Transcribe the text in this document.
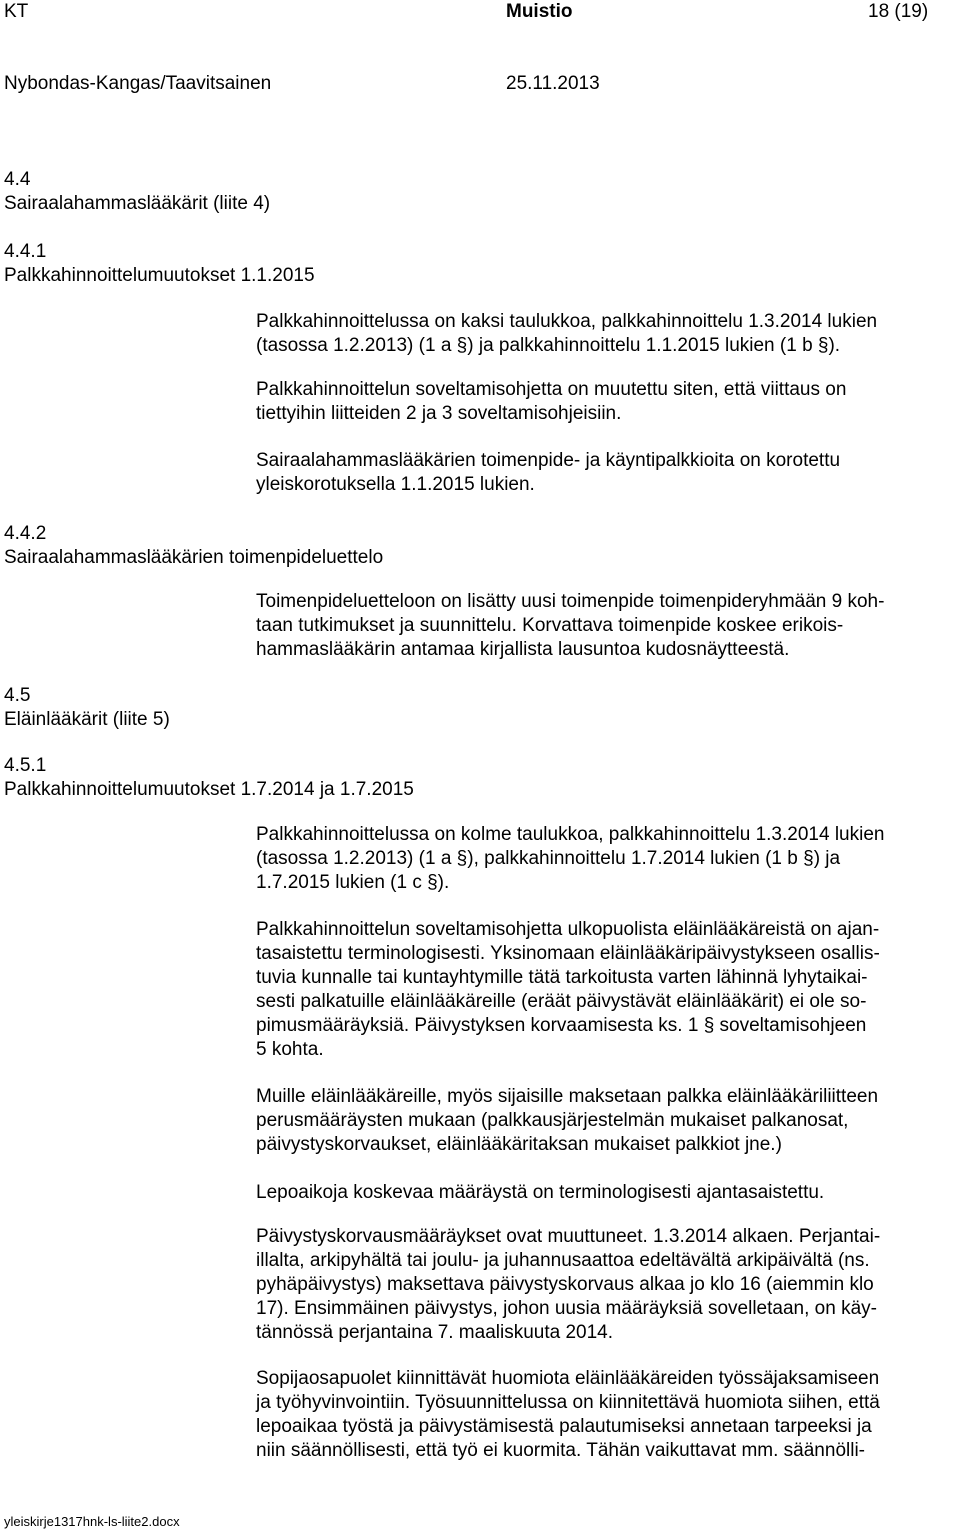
KT	Muistio	18 (19)
Nybondas-Kangas/Taavitsainen	25.11.2013
4.4
Sairaalahammaslääkärit (liite 4)
4.4.1
Palkkahinnoittelumuutokset 1.1.2015
4.4.2
Sairaalahammaslääkärien toimenpideluettelo
4.5
Eläinlääkärit (liite 5)
4.5.1
Palkkahinnoittelumuutokset 1.7.2014 ja 1.7.2015
Palkkahinnoittelussa on kaksi taulukkoa, palkkahinnoittelu 1.3.2014 lukien
(tasossa 1.2.2013) (1 a §) ja palkkahinnoittelu 1.1.2015 lukien (1 b §).
Palkkahinnoittelun soveltamisohjetta on muutettu siten, että viittaus on
tiettyihin liitteiden 2 ja 3 soveltamisohjeisiin.
Sairaalahammaslääkärien toimenpide- ja käyntipalkkioita on korotettu
yleiskorotuksella 1.1.2015 lukien.
Toimenpideluetteloon on lisätty uusi toimenpide toimenpideryhmään 9 koh-
taan tutkimukset ja suunnittelu. Korvattava toimenpide koskee erikois-
hammaslääkärin antamaa kirjallista lausuntoa kudosnäytteestä.
Palkkahinnoittelussa on kolme taulukkoa, palkkahinnoittelu 1.3.2014 lukien
(tasossa 1.2.2013) (1 a §), palkkahinnoittelu 1.7.2014 lukien (1 b §) ja
1.7.2015 lukien (1 c §).
Palkkahinnoittelun soveltamisohjetta ulkopuolista eläinlääkäreistä on ajan-
tasaistettu terminologisesti. Yksinomaan eläinlääkäripäivystykseen osallis-
tuvia kunnalle tai kuntayhtymille tätä tarkoitusta varten lähinnä lyhytaikai-
sesti palkatuille eläinlääkäreille (eräät päivystävät eläinlääkärit) ei ole so-
pimusmääräyksiä. Päivystyksen korvaamisesta ks. 1 § soveltamisohjeen
5 kohta.
Muille eläinlääkäreille, myös sijaisille maksetaan palkka eläinlääkäriliitteen
perusmääräysten mukaan (palkkausjärjestelmän mukaiset palkanosat,
päivystyskorvaukset, eläinlääkäritaksan mukaiset palkkiot jne.)
Lepoaikoja koskevaa määräystä on terminologisesti ajantasaistettu.
Päivystyskorvausmääräykset ovat muuttuneet. 1.3.2014 alkaen. Perjantai-
illalta, arkipyhältä tai joulu- ja juhannusaattoa edeltävältä arkipäivältä (ns.
pyhäpäivystys) maksettava päivystyskorvaus alkaa jo klo 16 (aiemmin klo
17). Ensimmäinen päivystys, johon uusia määräyksiä sovelletaan, on käy-
tännössä perjantaina 7. maaliskuuta 2014.
Sopijaosapuolet kiinnittävät huomiota eläinlääkäreiden työssäjaksamiseen
ja työhyvinvointiin. Työsuunnittelussa on kiinnitettävä huomiota siihen, että
lepoaikaa työstä ja päivystämisestä palautumiseksi annetaan tarpeeksi ja
niin säännöllisesti, että työ ei kuormita. Tähän vaikuttavat mm. säännölli-
yleiskirje1317hnk-ls-liite2.docx
